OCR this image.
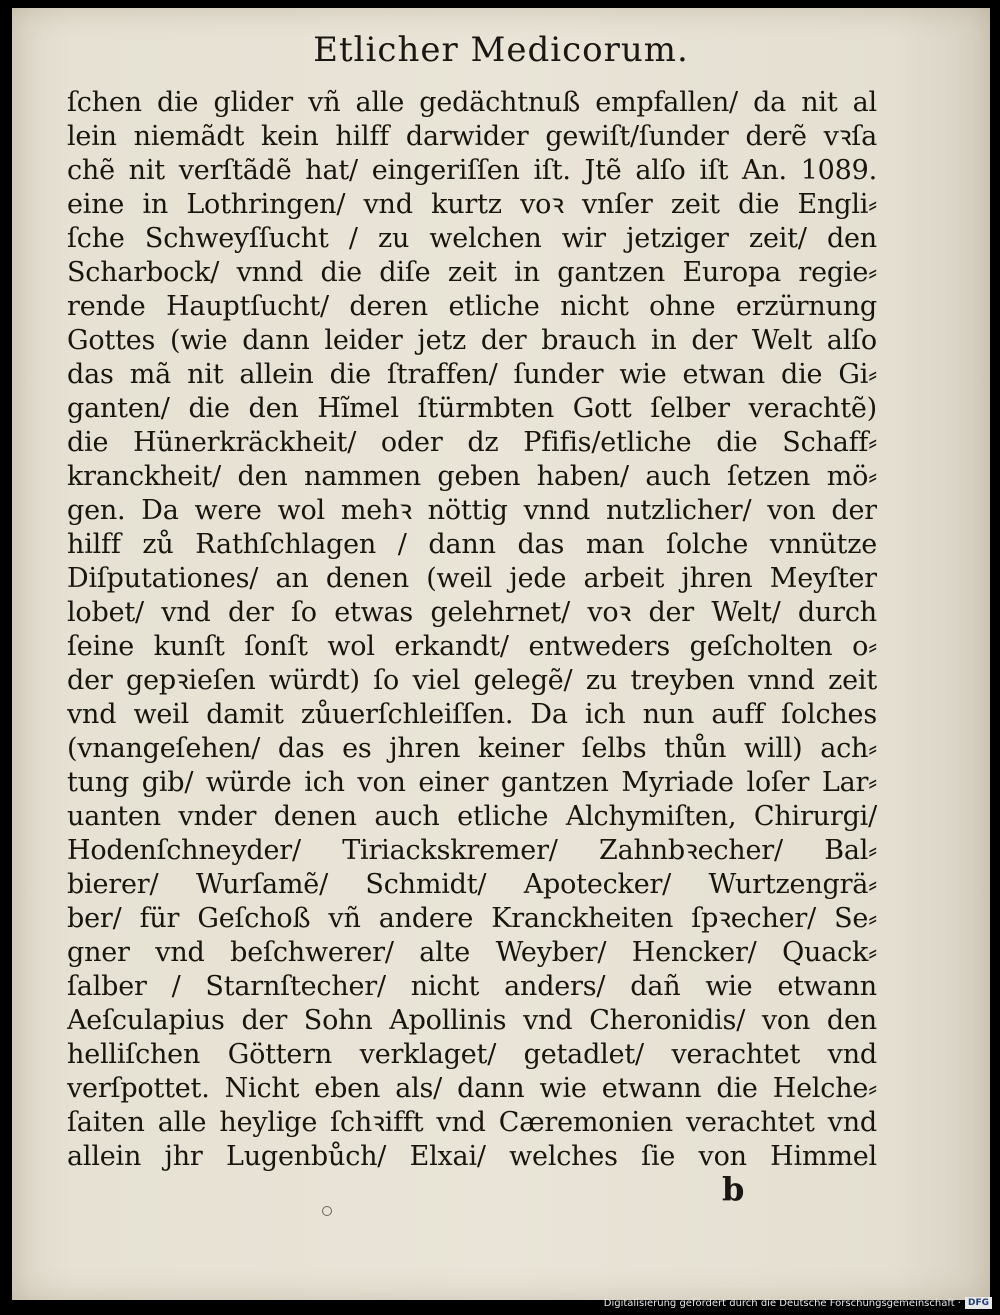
Etlicher Medicorum.
ſchen die glider vñ alle gedächtnuß empfallen/ da nit al
lein niemãdt kein hilff darwider gewiſt/ſunder derẽ vꝛſa
chẽ nit verſtãdẽ hat/ eingeriſſen iſt. Jtẽ alſo iſt An. 1089.
eine in Lothringen/ vnd kurtz voꝛ vnſer zeit die Engli⸗
ſche Schweyſſucht / zu welchen wir jetziger zeit/ den
Scharbock/ vnnd die diſe zeit in gantzen Europa regie⸗
rende Hauptſucht/ deren etliche nicht ohne erzürnung
Gottes (wie dann leider jetz der brauch in der Welt alſo
das mã nit allein die ſtraffen/ ſunder wie etwan die Gi⸗
ganten/ die den Hĩmel ſtürmbten Gott ſelber verachtẽ)
die Hünerkräckheit/ oder dz Pfifis/etliche die Schaff⸗
kranckheit/ den nammen geben haben/ auch ſetzen mö⸗
gen. Da were wol mehꝛ nöttig vnnd nutzlicher/ von der
hilff zů Rathſchlagen / dann das man ſolche vnnütze
Diſputationes/ an denen (weil jede arbeit jhren Meyſter
lobet/ vnd der ſo etwas gelehrnet/ voꝛ der Welt/ durch
ſeine kunſt ſonſt wol erkandt/ entweders geſcholten o⸗
der gepꝛieſen würdt) ſo viel gelegẽ/ zu treyben vnnd zeit
vnd weil damit zůuerſchleiſſen. Da ich nun auff ſolches
(vnangeſehen/ das es jhren keiner ſelbs thůn will) ach⸗
tung gib/ würde ich von einer gantzen Myriade loſer Lar⸗
uanten vnder denen auch etliche Alchymiſten, Chirurgi/
Hodenſchneyder/ Tiriackskremer/ Zahnbꝛecher/ Bal⸗
bierer/ Wurſamẽ/ Schmidt/ Apotecker/ Wurtzengrä⸗
ber/ für Geſchoß vñ andere Kranckheiten ſpꝛecher/ Se⸗
gner vnd beſchwerer/ alte Weyber/ Hencker/ Quack⸗
ſalber / Starnſtecher/ nicht anders/ dañ wie etwann
Aeſculapius der Sohn Apollinis vnd Cheronidis/ von den
helliſchen Göttern verklaget/ getadlet/ verachtet vnd
verſpottet. Nicht eben als/ dann wie etwann die Helche⸗
ſaiten alle heylige ſchꝛifft vnd Cæremonien verachtet vnd
allein jhr Lugenbůch/ Elxai/ welches ſie von Himmel
b
Digitalisierung gefördert durch die Deutsche Forschungsgemeinschaft · DFG
